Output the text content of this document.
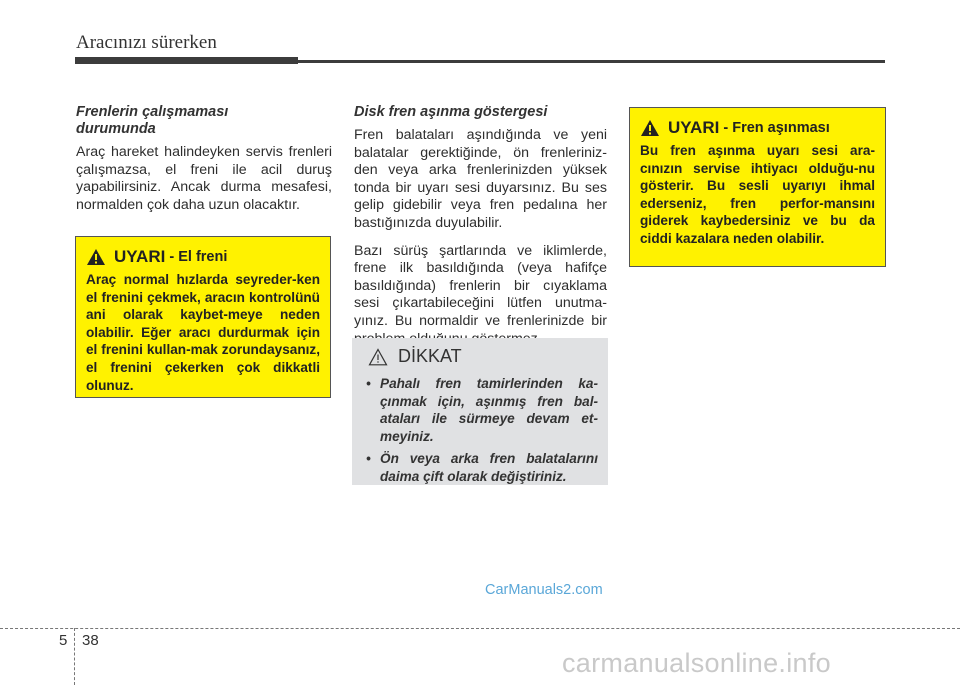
Aracınızı sürerken
Frenlerin çalışmaması
durumunda

Araç hareket halindeyken servis frenleri çalışmazsa, el freni ile acil duruş yapabilirsiniz. Ancak durma mesafesi, normalden çok daha uzun olacaktır.

UYARI - El freni
Araç normal hızlarda seyreder-ken el frenini çekmek, aracın kontrolünü ani olarak kaybet-meye neden olabilir. Eğer aracı durdurmak için el frenini kullan-mak zorundaysanız, el frenini çekerken çok dikkatli olunuz.
Disk fren aşınma göstergesi

Fren balataları aşındığında ve yeni balatalar gerektiğinde, ön frenleriniz-den veya arka frenlerinizden yüksek tonda bir uyarı sesi duyarsınız. Bu ses gelip gidebilir veya fren pedalına her bastığınızda duyulabilir.

Bazı sürüş şartlarında ve iklimlerde, frene ilk basıldığında (veya hafifçe basıldığında) frenlerin bir cıyaklama sesi çıkartabileceğini lütfen unutma-yınız. Bu normaldir ve frenlerinizde bir

DİKKAT
• Pahalı fren tamirlerinden ka-çınmak için, aşınmış fren bal-ataları ile sürmeye devam et-meyiniz.
• Ön veya arka fren balatalarını daima çift olarak değiştiriniz.
UYARI - Fren aşınması
Bu fren aşınma uyarı sesi ara-cınızın servise ihtiyacı olduğu-nu gösterir. Bu sesli uyarıyı ihmal ederseniz, fren perfor-mansını giderek kaybedersiniz ve bu da ciddi kazalara neden olabilir.
CarManuals2.com
5 38
carmanualsonline.info
